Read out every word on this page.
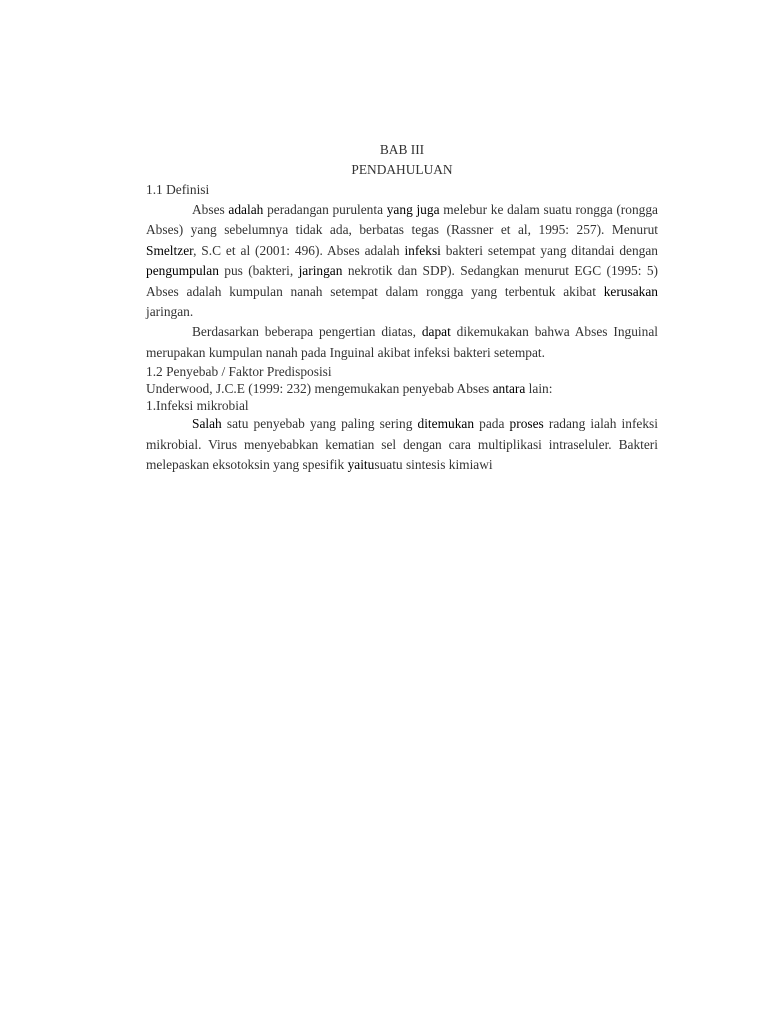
BAB III

PENDAHULUAN

1.1 Definisi

Abses adalah peradangan purulenta yang juga melebur ke dalam suatu rongga (rongga Abses) yang sebelumnya tidak ada, berbatas tegas (Rassner et al, 1995: 257). Menurut Smeltzer, S.C et al (2001: 496). Abses adalah infeksi bakteri setempat yang ditandai dengan pengumpulan pus (bakteri, jaringan nekrotik dan SDP). Sedangkan menurut EGC (1995: 5) Abses adalah kumpulan nanah setempat dalam rongga yang terbentuk akibat kerusakan jaringan.

Berdasarkan beberapa pengertian diatas, dapat dikemukakan bahwa Abses Inguinal merupakan kumpulan nanah pada Inguinal akibat infeksi bakteri setempat.

1.2 Penyebab / Faktor Predisposisi

Underwood, J.C.E (1999: 232) mengemukakan penyebab Abses antara lain:

1.Infeksi mikrobial

Salah satu penyebab yang paling sering ditemukan pada proses radang ialah infeksi mikrobial. Virus menyebabkan kematian sel dengan cara multiplikasi intraseluler. Bakteri melepaskan eksotoksin yang spesifik yaitusuatu sintesis kimiawi
